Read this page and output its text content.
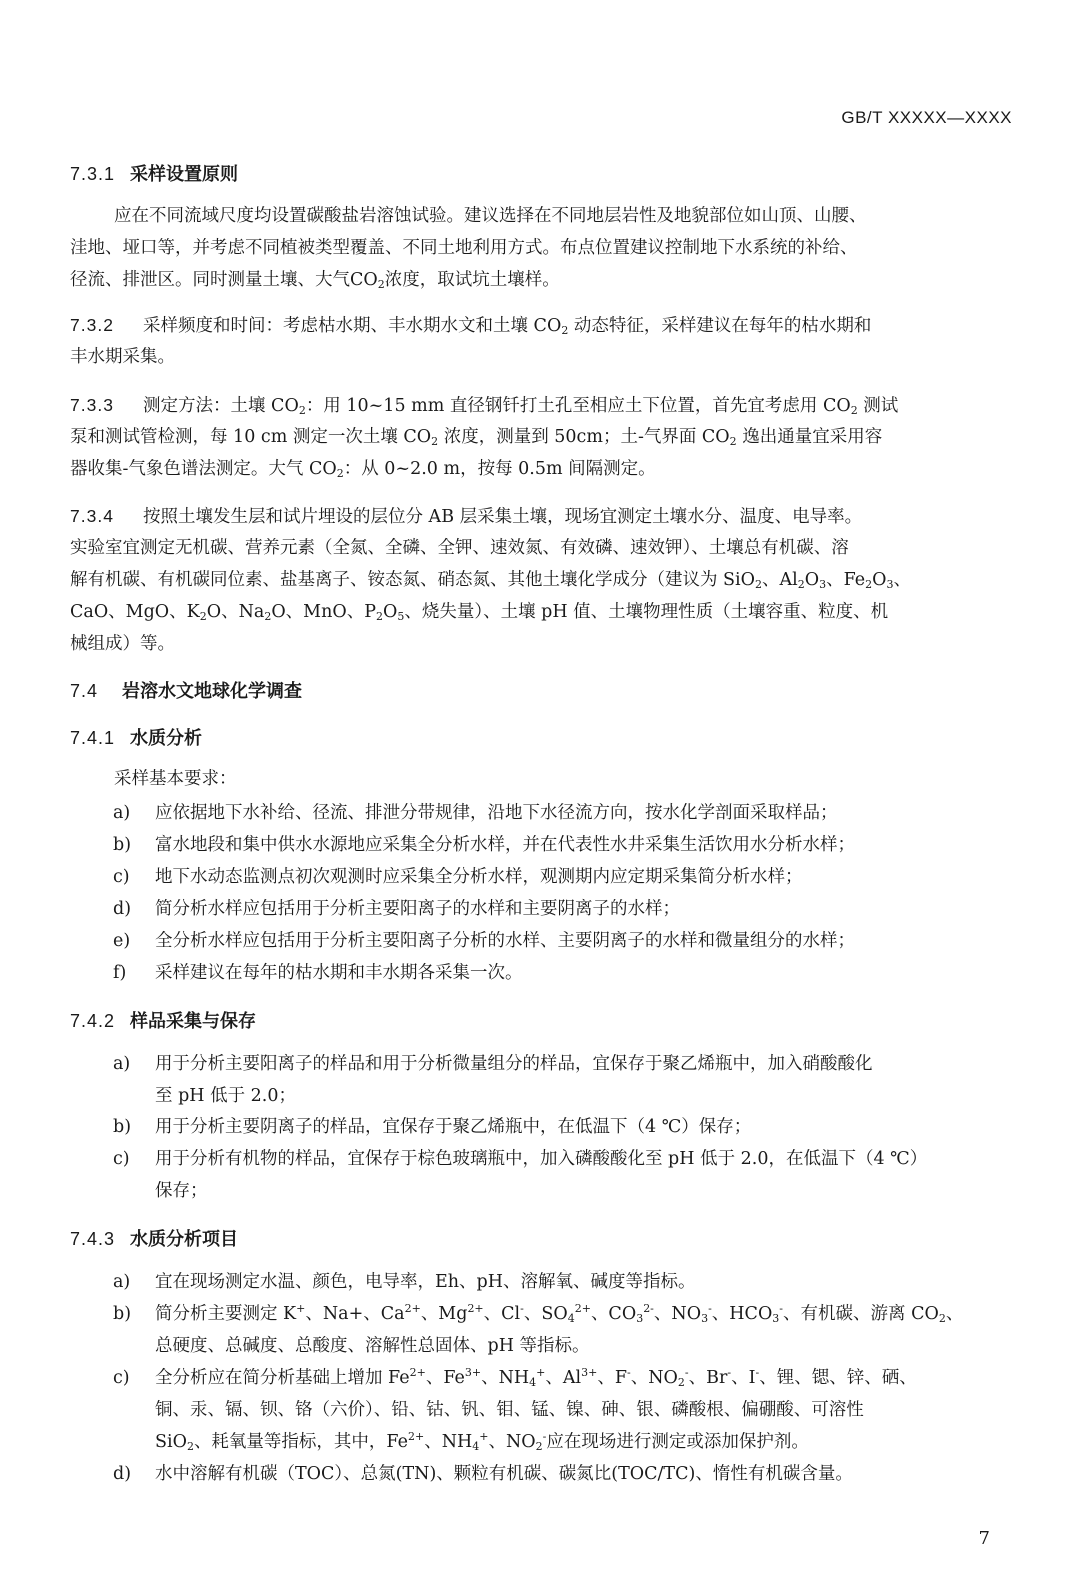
GB/T XXXXX—XXXX
7.3.1 采样设置原则
应在不同流域尺度均设置碳酸盐岩溶蚀试验。建议选择在不同地层岩性及地貌部位如山顶、山腰、
洼地、垭口等，并考虑不同植被类型覆盖、不同土地利用方式。布点位置建议控制地下水系统的补给、
径流、排泄区。同时测量土壤、大气$CO_2$浓度，取试坑土壤样。
7.3.2 采样频度和时间：考虑枯水期、丰水期水文和土壤 $CO_2$ 动态特征，采样建议在每年的枯水期和
丰水期采集。
7.3.3 测定方法：土壤 $CO_2$：用 10~15 mm 直径钢钎打土孔至相应土下位置，首先宜考虑用 $CO_2$ 测试
泵和测试管检测，每 10 cm 测定一次土壤 $CO_2$ 浓度，测量到 50cm；土-气界面 $CO_2$ 逸出通量宜采用容
器收集-气象色谱法测定。大气 $CO_2$：从 0~2.0 m，按每 0.5m 间隔测定。
7.3.4 按照土壤发生层和试片埋设的层位分 AB 层采集土壤，现场宜测定土壤水分、温度、电导率。
实验室宜测定无机碳、营养元素（全氮、全磷、全钾、速效氮、有效磷、速效钾）、土壤总有机碳、溶
解有机碳、有机碳同位素、盐基离子、铵态氮、硝态氮、其他土壤化学成分（建议为 SiO$_2$、$Al_2O_3$、$Fe_2O_3$、
CaO、MgO、$K_2O$、$Na_2O$、MnO、$P_2O_5$、烧失量）、土壤 pH 值、土壤物理性质（土壤容重、粒度、机
械组成）等。
7.4 岩溶水文地球化学调查
7.4.1 水质分析
采样基本要求：
a) 应依据地下水补给、径流、排泄分带规律，沿地下水径流方向，按水化学剖面采取样品；
b) 富水地段和集中供水水源地应采集全分析水样，并在代表性水井采集生活饮用水分析水样；
c) 地下水动态监测点初次观测时应采集全分析水样，观测期内应定期采集简分析水样；
d) 简分析水样应包括用于分析主要阳离子的水样和主要阴离子的水样；
e) 全分析水样应包括用于分析主要阳离子分析的水样、主要阴离子的水样和微量组分的水样；
f) 采样建议在每年的枯水期和丰水期各采集一次。
7.4.2 样品采集与保存
a) 用于分析主要阳离子的样品和用于分析微量组分的样品，宜保存于聚乙烯瓶中，加入硝酸酸化
至 pH 低于 2.0；
b) 用于分析主要阴离子的样品，宜保存于聚乙烯瓶中，在低温下（4 ℃）保存；
c) 用于分析有机物的样品，宜保存于棕色玻璃瓶中，加入磷酸酸化至 pH 低于 2.0，在低温下（4 ℃）
保存；
7.4.3 水质分析项目
a) 宜在现场测定水温、颜色，电导率，Eh、pH、溶解氧、碱度等指标。
b) 简分析主要测定 K+、Na+、$Ca^{2+}$、$Mg^{2+}$、Cl-、$SO_4^{2+}$、$CO_3^{2-}$、$NO_3^-$、$HCO_3^-$、有机碳、游离 $CO_2$、
总硬度、总碱度、总酸度、溶解性总固体、pH 等指标。
c) 全分析应在简分析基础上增加 $Fe^{2+}$、$Fe^{3+}$、$NH_4^+$、$Al^{3+}$、F-、$NO_2^-$、Br-、I-、锂、锶、锌、硒、
铜、汞、镉、钡、铬（六价）、铅、钴、钒、钼、锰、镍、砷、银、磷酸根、偏硼酸、可溶性
SiO$_2$、耗氧量等指标，其中，$Fe^{2+}$、$NH_4^+$、$NO_2^-$应在现场进行测定或添加保护剂。
d) 水中溶解有机碳（TOC）、总氮(TN)、颗粒有机碳、碳氮比(TOC/TC)、惰性有机碳含量。
7
